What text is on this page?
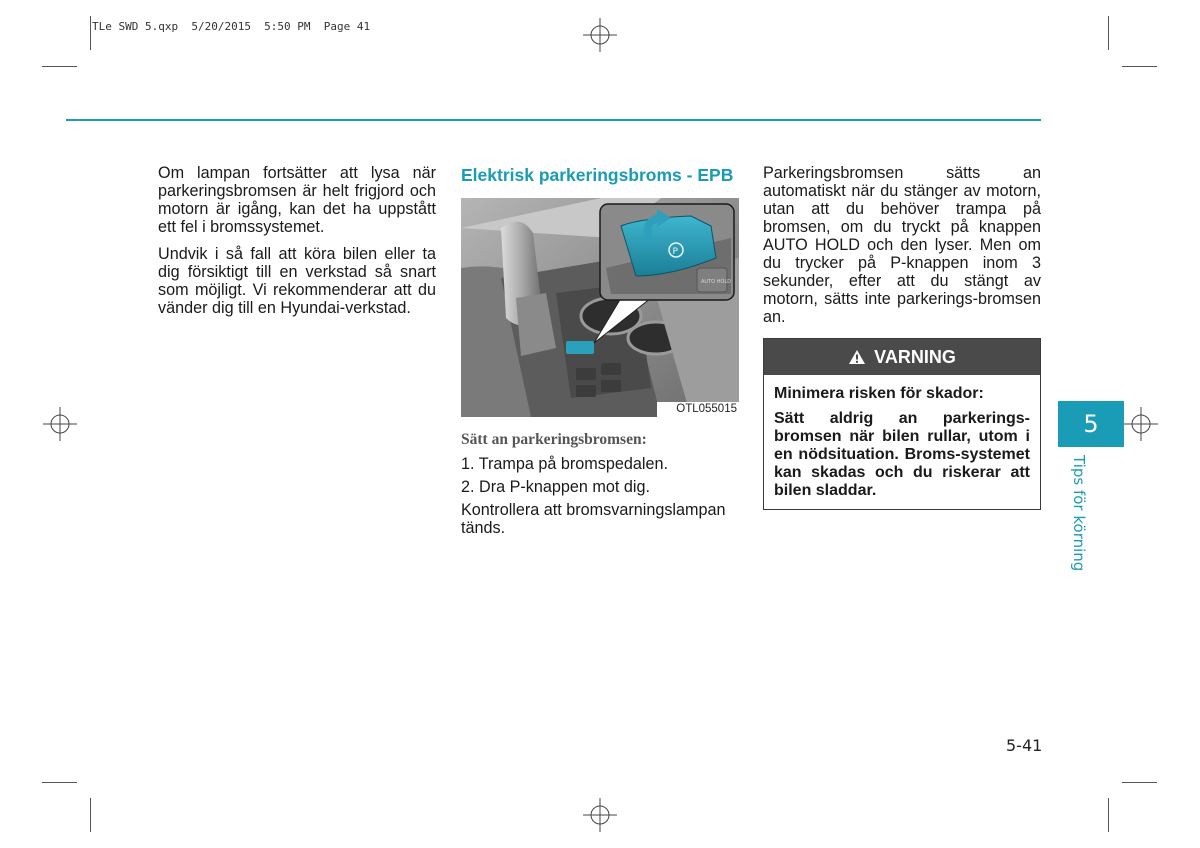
TLe SWD 5.qxp  5/20/2015  5:50 PM  Page 41

Om lampan fortsätter att lysa när parkeringsbromsen är helt frigjord och motorn är igång, kan det ha uppstått ett fel i bromssystemet.

Undvik i så fall att köra bilen eller ta dig försiktigt till en verkstad så snart som möjligt. Vi rekommenderar att du vänder dig till en Hyundai-verkstad.

Elektrisk parkeringsbroms - EPB
P
AUTO HOLD
OTL055015
Sätt an parkeringsbromsen:
1. Trampa på bromspedalen.
2. Dra P-knappen mot dig.

Kontrollera att bromsvarningslampan tänds.

Parkeringsbromsen sätts an automatiskt när du stänger av motorn, utan att du behöver trampa på bromsen, om du tryckt på knappen AUTO HOLD och den lyser. Men om du trycker på P-knappen inom 3 sekunder, efter att du stängt av motorn, sätts inte parkerings-bromsen an.

VARNING

Minimera risken för skador:

Sätt aldrig an parkerings-bromsen när bilen rullar, utom i en nödsituation. Broms-systemet kan skadas och du riskerar att bilen sladdar.

5
Tips för körning
5-41
